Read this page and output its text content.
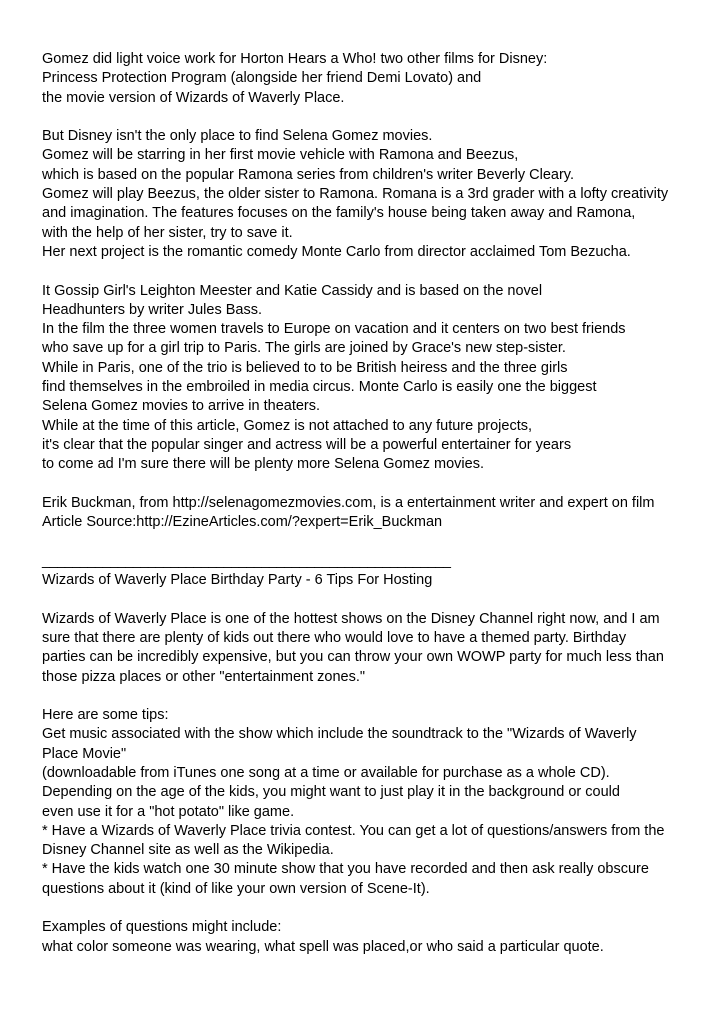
Gomez did light voice work for Horton Hears a Who! two other films for Disney:
Princess Protection Program (alongside her friend Demi Lovato) and
the movie version of Wizards of Waverly Place.
But Disney isn't the only place to find Selena Gomez movies.
Gomez will be starring in her first movie vehicle with Ramona and Beezus,
which is based on the popular Ramona series from children's writer Beverly Cleary.
Gomez will play Beezus, the older sister to Ramona. Romana is a 3rd grader with a lofty creativity
and imagination. The features focuses on the family's house being taken away and Ramona,
with the help of her sister, try to save it.
Her next project is the romantic comedy Monte Carlo from director acclaimed Tom Bezucha.
It Gossip Girl's Leighton Meester and Katie Cassidy and is based on the novel
Headhunters by writer Jules Bass.
In the film the three women travels to Europe on vacation and it centers on two best friends
who save up for a girl trip to Paris. The girls are joined by Grace's new step-sister.
While in Paris, one of the trio is believed to to be British heiress and the three girls
find themselves in the embroiled in media circus. Monte Carlo is easily one the biggest
Selena Gomez movies to arrive in theaters.
While at the time of this article, Gomez is not attached to any future projects,
it's clear that the popular singer and actress will be a powerful entertainer for years
to come ad I'm sure there will be plenty more Selena Gomez movies.
Erik Buckman, from http://selenagomezmovies.com, is a entertainment writer and expert on film
Article Source:http://EzineArticles.com/?expert=Erik_Buckman
______________________________________________________
Wizards of Waverly Place Birthday Party - 6 Tips For Hosting
Wizards of Waverly Place is one of the hottest shows on the Disney Channel right now, and I am
sure that there are plenty of kids out there who would love to have a themed party. Birthday
parties can be incredibly expensive, but you can throw your own WOWP party for much less than
those pizza places or other "entertainment zones."
Here are some tips:
Get music associated with the show which include the soundtrack to the "Wizards of Waverly
Place Movie"
(downloadable from iTunes one song at a time or available for purchase as a whole CD).
Depending on the age of the kids, you might want to just play it in the background or could
even use it for a "hot potato" like game.
* Have a Wizards of Waverly Place trivia contest. You can get a lot of questions/answers from the
Disney Channel site as well as the Wikipedia.
* Have the kids watch one 30 minute show that you have recorded and then ask really obscure
questions about it (kind of like your own version of Scene-It).
Examples of questions might include:
what color someone was wearing, what spell was placed,or who said a particular quote.
